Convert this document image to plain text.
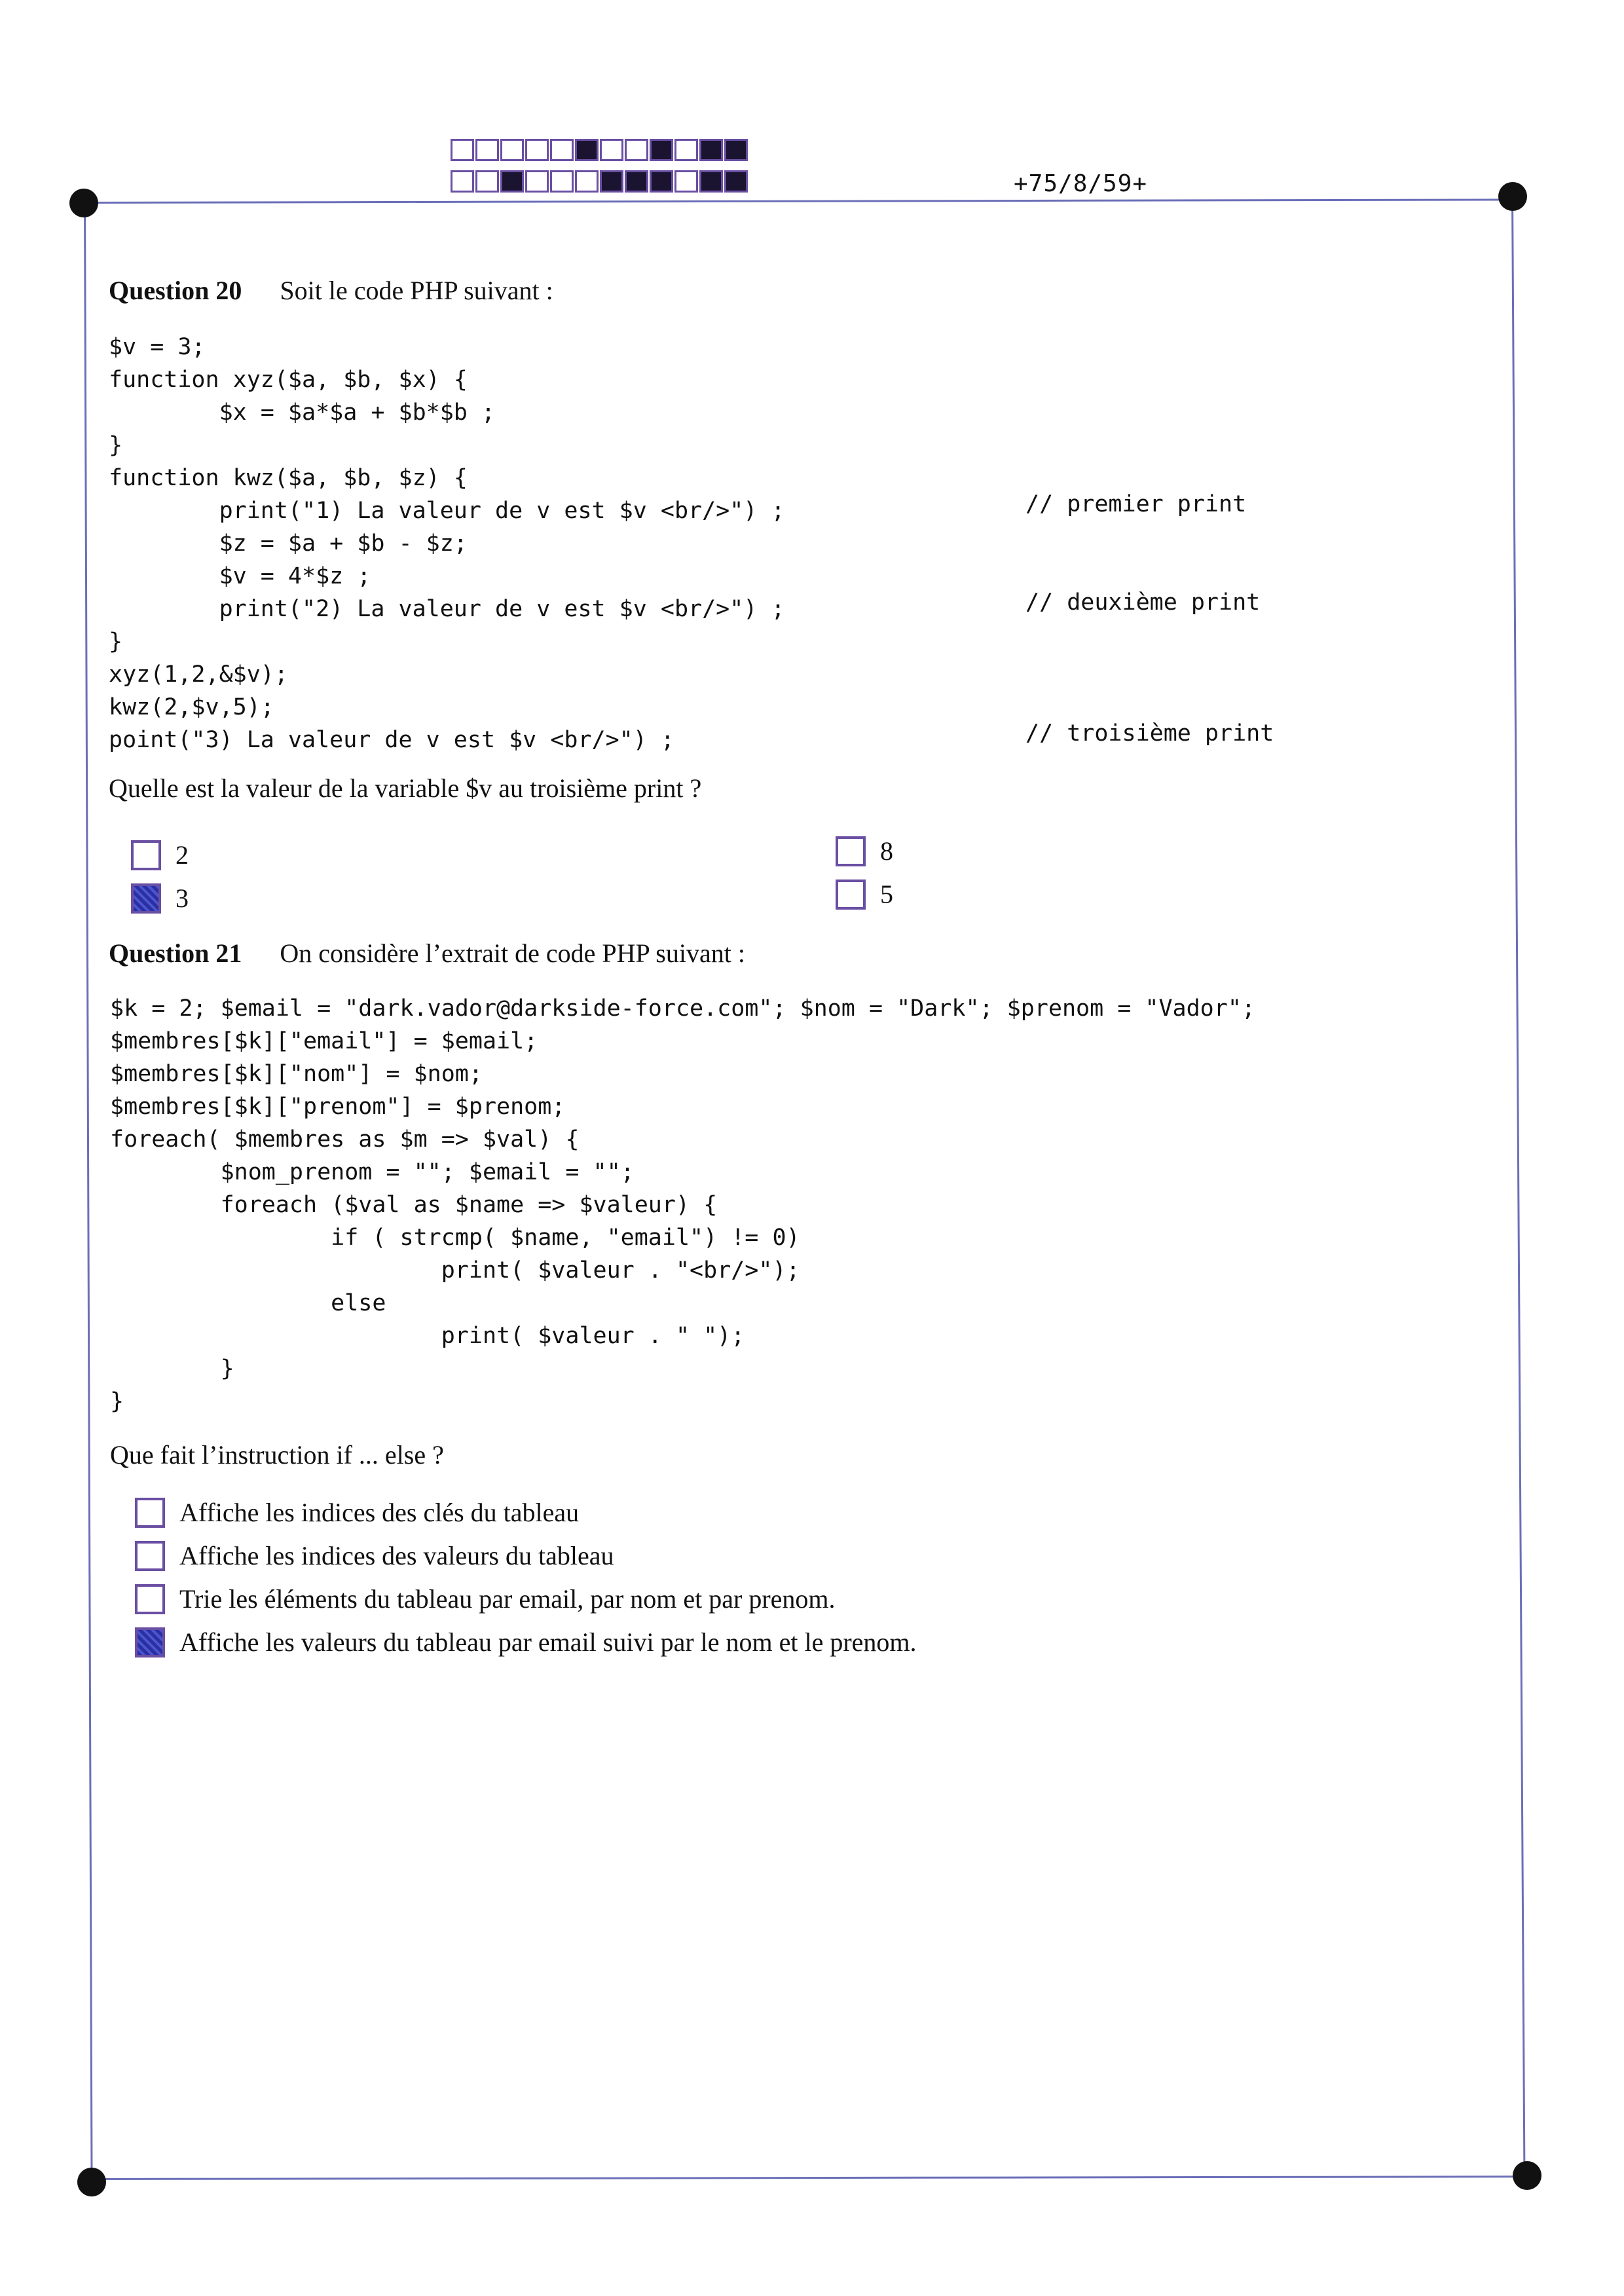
+75/8/59+
Question 20 Soit le code PHP suivant :
$v = 3;
function xyz($a, $b, $x) {
$x = $a*$a + $b*$b ;
}
function kwz($a, $b, $z) {
print("1) La valeur de v est $v <br/>") ;
$z = $a + $b - $z;
$v = 4*$z ;
print("2) La valeur de v est $v <br/>") ;
}
xyz(1,2,&$v);
kwz(2,$v,5);
point("3) La valeur de v est $v <br/>") ;
// premier print
// deuxième print
// troisième print
Quelle est la valeur de la variable $v au troisième print ?
2
3
8
5
Question 21 On considère l’extrait de code PHP suivant :
$k = 2; $email = "dark.vador@darkside-force.com"; $nom = "Dark"; $prenom = "Vador";
$membres[$k]["email"] = $email;
$membres[$k]["nom"] = $nom;
$membres[$k]["prenom"] = $prenom;
foreach( $membres as $m => $val) {
$nom_prenom = ""; $email = "";
foreach ($val as $name => $valeur) {
if ( strcmp( $name, "email") != 0)
print( $valeur . "<br/>");
else
print( $valeur . " ");
}
}
Que fait l’instruction if ... else ?
Affiche les indices des clés du tableau
Affiche les indices des valeurs du tableau
Trie les éléments du tableau par email, par nom et par prenom.
Affiche les valeurs du tableau par email suivi par le nom et le prenom.
